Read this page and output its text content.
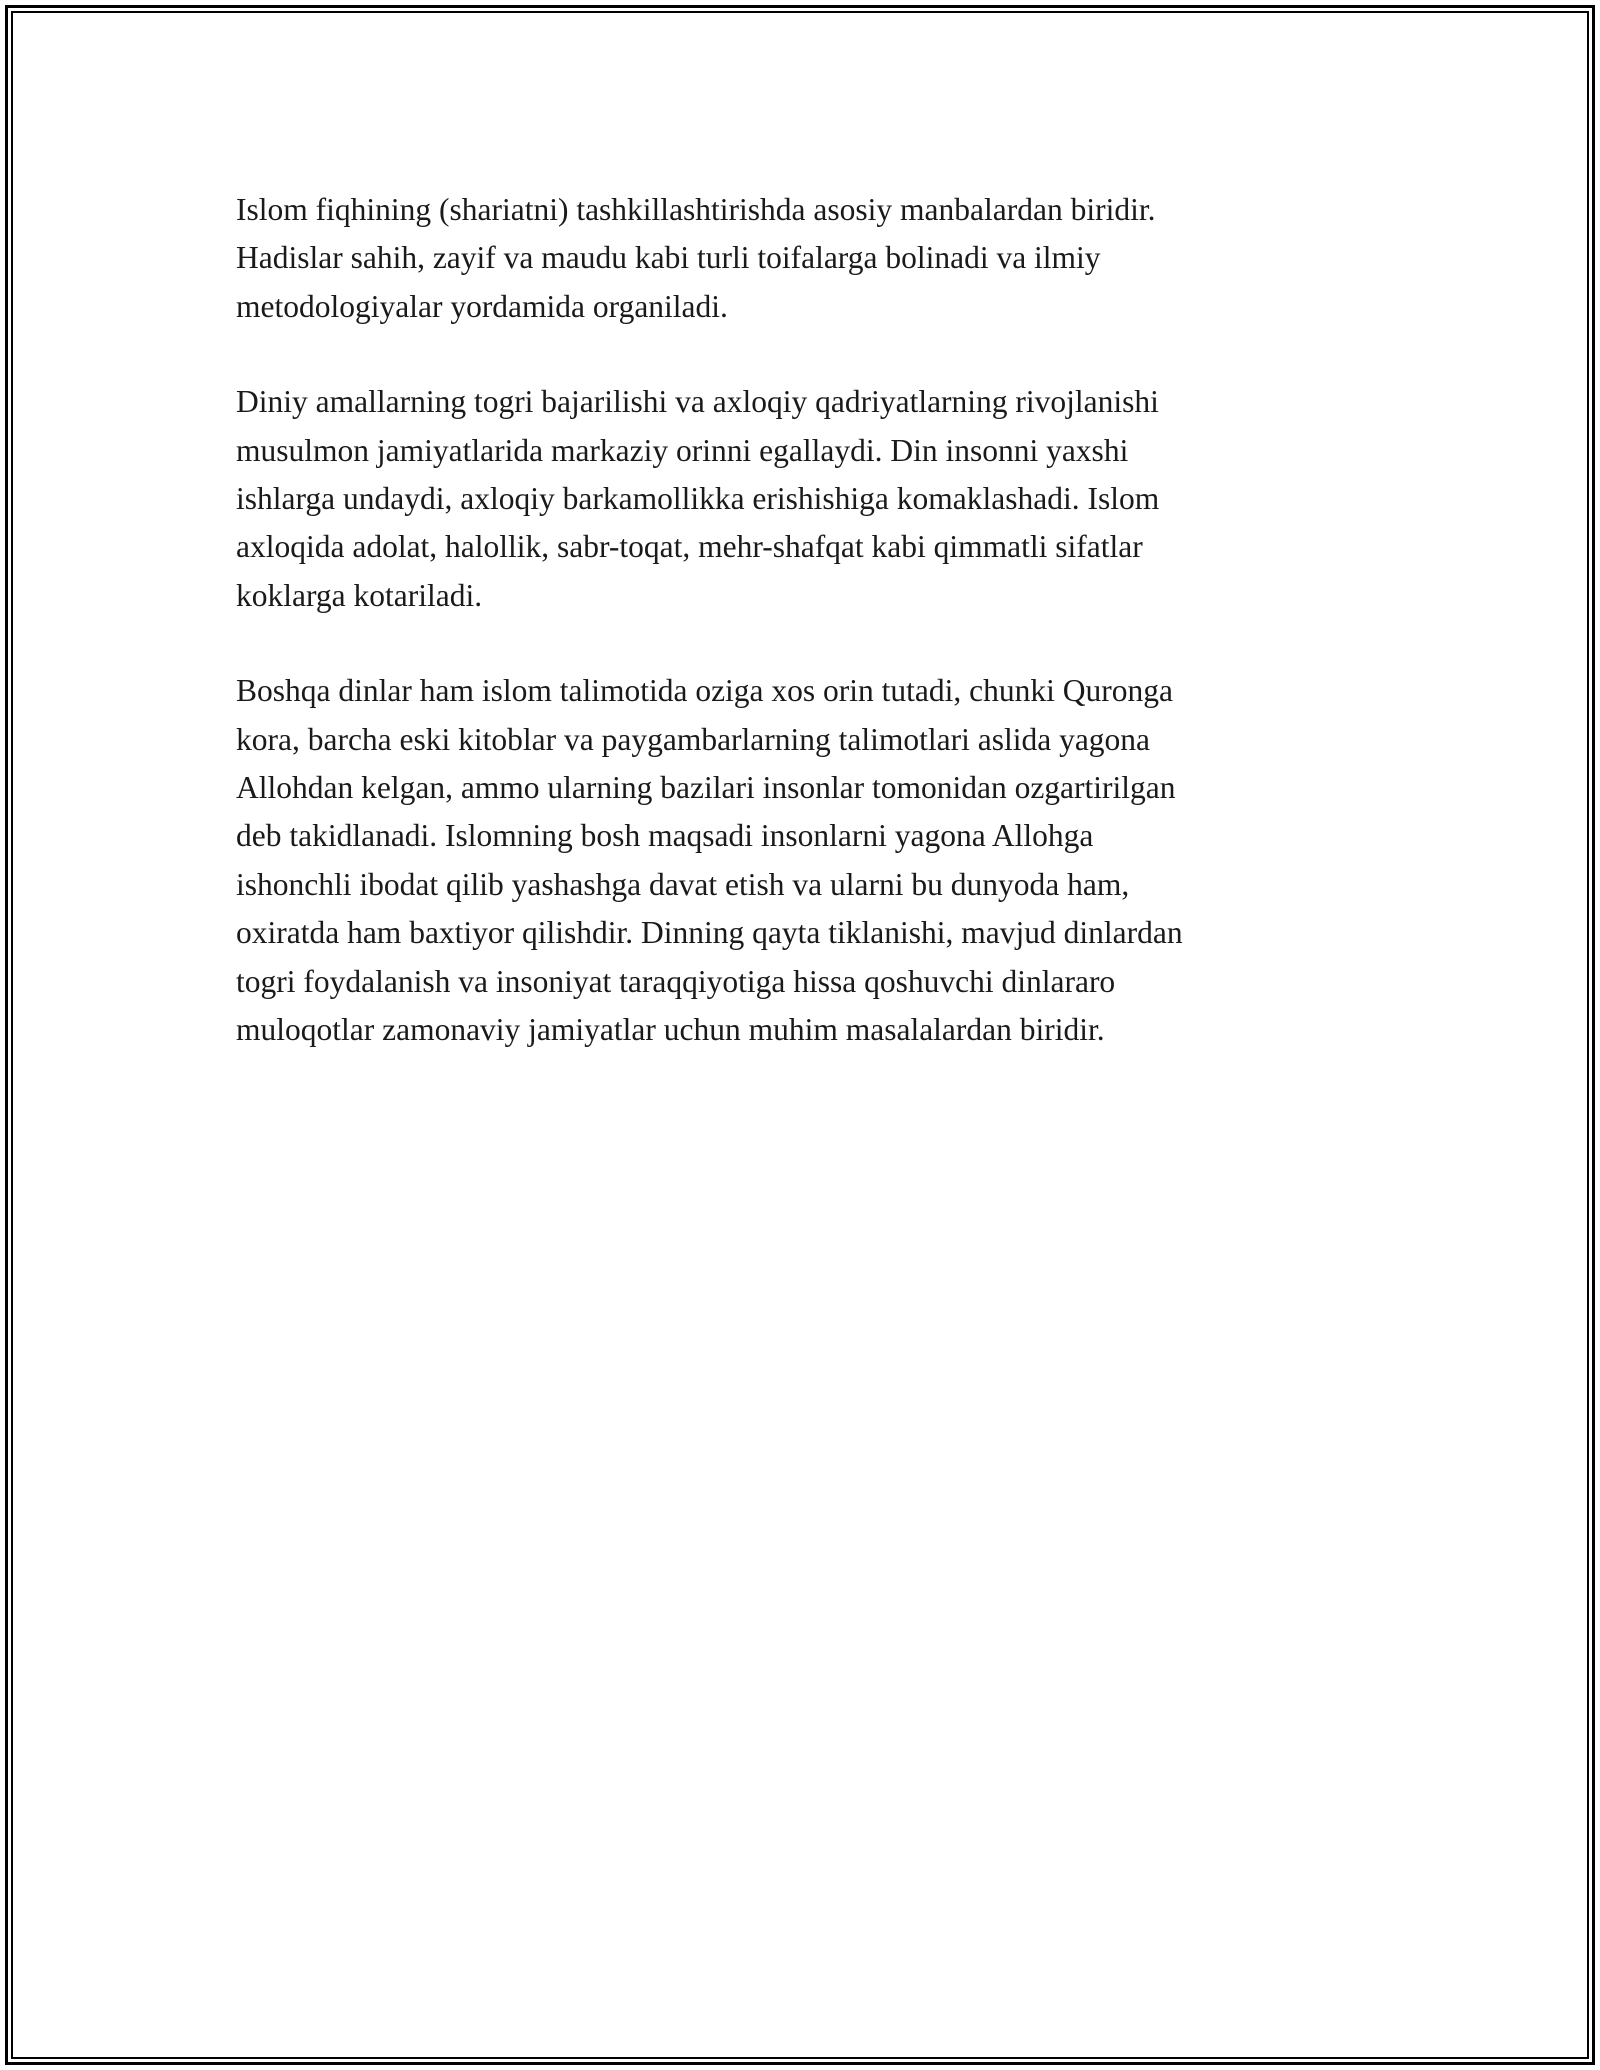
Islom fiqhining (shariatni) tashkillashtirishda asosiy manbalardan biridir.
Hadislar sahih, zayif va maudu kabi turli toifalarga bolinadi va ilmiy
metodologiyalar yordamida organiladi.

Diniy amallarning togri bajarilishi va axloqiy qadriyatlarning rivojlanishi
musulmon jamiyatlarida markaziy orinni egallaydi. Din insonni yaxshi
ishlarga undaydi, axloqiy barkamollikka erishishiga komaklashadi. Islom
axloqida adolat, halollik, sabr-toqat, mehr-shafqat kabi qimmatli sifatlar
koklarga kotariladi.

Boshqa dinlar ham islom talimotida oziga xos orin tutadi, chunki Quronga
kora, barcha eski kitoblar va paygambarlarning talimotlari aslida yagona
Allohdan kelgan, ammo ularning bazilari insonlar tomonidan ozgartirilgan
deb takidlanadi. Islomning bosh maqsadi insonlarni yagona Allohga
ishonchli ibodat qilib yashashga davat etish va ularni bu dunyoda ham,
oxiratda ham baxtiyor qilishdir. Dinning qayta tiklanishi, mavjud dinlardan
togri foydalanish va insoniyat taraqqiyotiga hissa qoshuvchi dinlararo
muloqotlar zamonaviy jamiyatlar uchun muhim masalalardan biridir.
